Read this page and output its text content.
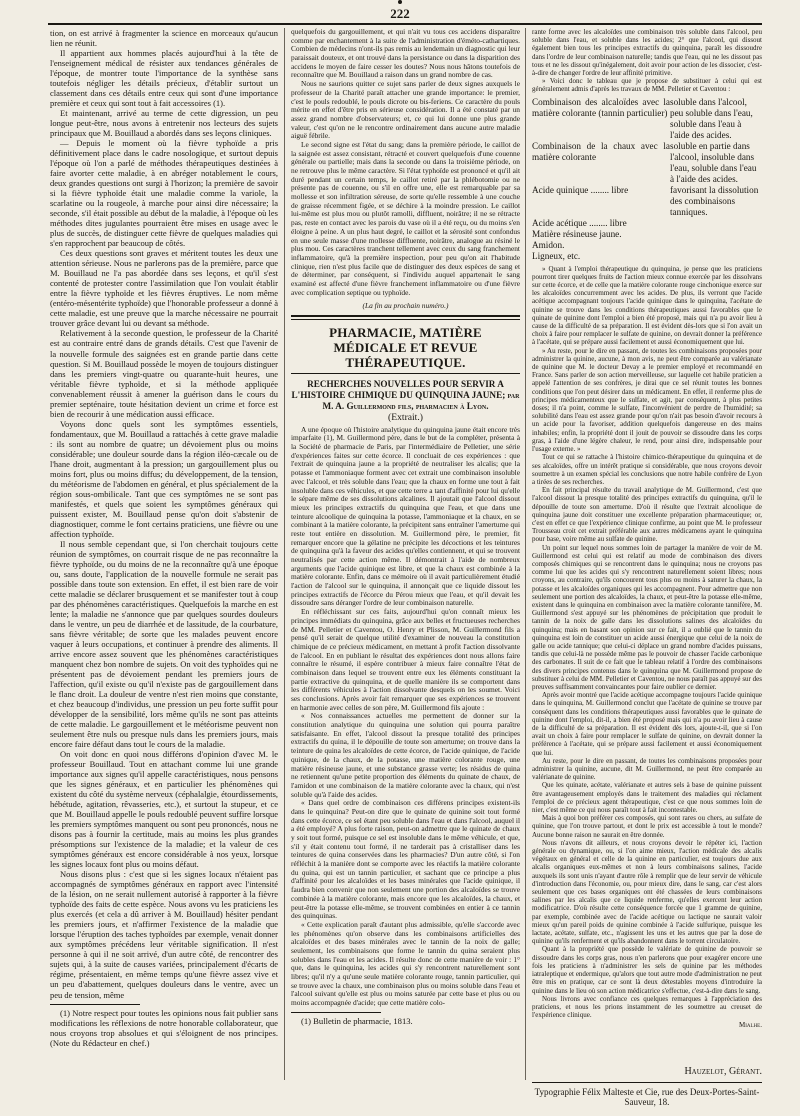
222

tion, on est arrivé à fragmenter la science en morceaux qu'aucun lien ne réunit.

Il appartient aux hommes placés aujourd'hui à la tête de l'enseignement médical de résister aux tendances générales de l'époque, de montrer toute l'importance de la synthèse sans toutefois négliger les détails précieux, d'établir surtout un classement dans ces détails entre ceux qui sont d'une importance première et ceux qui sont tout à fait accessoires (1).

Et maintenant, arrivé au terme de cette digression, un peu longue peut-être, nous avons à entretenir nos lecteurs des sujets principaux que M. Bouillaud a abordés dans ses leçons cliniques.

— Depuis le moment où la fièvre typhoïde a pris définitivement place dans le cadre nosologique, et surtout depuis l'époque où l'on a parlé de méthodes thérapeutiques destinées à faire avorter cette maladie, à en abréger notablement le cours, deux grandes questions ont surgi à l'horizon; la première de savoir si la fièvre typhoïde était une maladie comme la variole, la scarlatine ou la rougeole, à marche pour ainsi dire nécessaire; la seconde, s'il était possible au début de la maladie, à l'époque où les méthodes dites jugulantes pourraient être mises en usage avec le plus de succès, de distinguer cette fièvre de quelques maladies qui s'en rapprochent par beaucoup de côtés.

Ces deux questions sont graves et méritent toutes les deux une attention sérieuse. Nous ne parlerons pas de la première, parce que M. Bouillaud ne l'a pas abordée dans ses leçons, et qu'il s'est contenté de protester contre l'assimilation que l'on voulait établir entre la fièvre typhoïde et les fièvres éruptives. Le nom même (entéro-mésentérite typhoïde) que l'honorable professeur a donné à cette maladie, est une preuve que la marche nécessaire ne pourrait trouver grâce devant lui ou devant sa méthode.

Relativement à la seconde question, le professeur de la Charité est au contraire entré dans de grands détails. C'est que l'avenir de la nouvelle formule des saignées est en grande partie dans cette question. Si M. Bouillaud possède le moyen de toujours distinguer dans les premiers vingt-quatre ou quarante-huit heures, une véritable fièvre typhoïde, et si la méthode appliquée convenablement réussit à amener la guérison dans le cours du premier septénaire, toute hésitation devient un crime et force est bien de recourir à une médication aussi efficace.

Voyons donc quels sont les symptômes essentiels, fondamentaux, que M. Bouillaud a rattachés à cette grave maladie : ils sont au nombre de quatre; un dévoiement plus ou moins considérable; une douleur sourde dans la région iléo-cæcale ou de l'hane droit, augmentant à la pression; un gargouillement plus ou moins fort, plus ou moins diffus; du développement, de la tension, du météorisme de l'abdomen en général, et plus spécialement de la région sous-ombilicale. Tant que ces symptômes ne se sont pas manifestés, et quels que soient les symptômes généraux qui puissent exister, M. Bouillaud pense qu'on doit s'abstenir de diagnostiquer, comme le font certains praticiens, une fièvre ou une affection typhoïde.

Il nous semble cependant que, si l'on cherchait toujours cette réunion de symptômes, on courrait risque de ne pas reconnaître la fièvre typhoïde, ou du moins de ne la reconnaître qu'à une époque ou, sans doute, l'application de la nouvelle formule ne serait pas possible dans toute son extension. En effet, il est bien rare de voir cette maladie se déclarer brusquement et se manifester tout à coup par des phénomènes caractéristiques. Quelquefois la marche en est lente; la maladie ne s'annonce que par quelques sourdes douleurs dans le ventre, un peu de diarrhée et de lassitude, de la courbature, sans fièvre véritable; de sorte que les malades peuvent encore vaquer à leurs occupations, et continuer à prendre des aliments. Il arrive encore assez souvent que les phénomènes caractéristiques manquent chez bon nombre de sujets. On voit des typhoïdes qui ne présentent pas de dévoiement pendant les premiers jours de l'affection, qu'il existe ou qu'il n'existe pas de gargouillement dans le flanc droit. La douleur de ventre n'est rien moins que constante, et chez beaucoup d'individus, une pression un peu forte suffit pour développer de la sensibilité, lors même qu'ils ne sont pas atteints de cette maladie. Le gargouillement et le météorisme peuvent non seulement être nuls ou presque nuls dans les premiers jours, mais encore faire défaut dans tout le cours de la maladie.

On voit donc en quoi nous différons d'opinion d'avec M. le professeur Bouillaud. Tout en attachant comme lui une grande importance aux signes qu'il appelle caractéristiques, nous pensons que les signes généraux, et en particulier les phénomènes qui existent du côté du système nerveux (céphalalgie, étourdissements, hébétude, agitation, rêvasseries, etc.), et surtout la stupeur, et ce que M. Bouillaud appelle le pouls redoublé peuvent suffire lorsque les premiers symptômes manquent ou sont peu prononcés, nous ne disons pas à fournir la certitude, mais au moins les plus grandes présomptions sur l'existence de la maladie; et la valeur de ces symptômes généraux est encore considérable à nos yeux, lorsque les signes locaux font plus ou moins défaut.

Nous disons plus : c'est que si les signes locaux n'étaient pas accompagnés de symptômes généraux en rapport avec l'intensité de la lésion, on ne serait nullement autorisé à rapporter à la fièvre typhoïde des faits de cette espèce. Nous avons vu les praticiens les plus exercés (et cela a dû arriver à M. Bouillaud) hésiter pendant les premiers jours, et n'affirmer l'existence de la maladie que lorsque l'éruption des taches typhoïdes par exemple, venait donner aux symptômes précédens leur véritable signification. Il n'est personne à qui il ne soit arrivé, d'un autre côté, de rencontrer des sujets qui, à la suite de causes variées, principalement d'écarts de régime, présentaient, en même temps qu'une fièvre assez vive et un peu d'abattement, quelques douleurs dans le ventre, avec un peu de tension, même

(1) Notre respect pour toutes les opinions nous fait publier sans modifications les réflexions de notre honorable collaborateur, que nous croyons trop absolues et qui s'éloignent de nos principes. (Note du Rédacteur en chef.)

quelquefois du gargouillement, et qui n'ait vu tous ces accidens disparaître comme par enchantement à la suite de l'administration d'éméto-cathartiques. Combien de médecins n'ont-ils pas remis au lendemain un diagnostic qui leur paraissait douteux, et ont trouvé dans la persistance ou dans la disparition des accidens le moyen de faire cesser les doutes? Nous nous hâtons toutefois de reconnaître que M. Bouillaud a raison dans un grand nombre de cas.

Nous ne saurions quitter ce sujet sans parler de deux signes auxquels le professeur de la Charité paraît attacher une grande importance: le premier, c'est le pouls redoublé, le pouls dicrote ou bis-feriens. Ce caractère du pouls mérite en effet d'être pris en sérieuse considération. Il a été constaté par un assez grand nombre d'observateurs; et, ce qui lui donne une plus grande valeur, c'est qu'on ne le rencontre ordinairement dans aucune autre maladie aiguë fébrile.

Le second signe est l'état du sang; dans la première période, le caillot de la saignée est assez consistant, rétracté et couvert quelquefois d'une couenne générale ou partielle; mais dans la seconde ou dans la troisième période, on ne retrouve plus le même caractère. Si l'état typhoïde est prononcé et qu'il ait duré pendant un certain temps, le caillot retiré par la phlébotomie ou ne présente pas de couenne, ou s'il en offre une, elle est remarquable par sa mollesse et son infiltration séreuse, de sorte qu'elle ressemble à une couche de graisse récemment figée, et se déchire à la moindre pression. Le caillot lui-même est plus mou ou plutôt ramolli, diffluent, noirâtre; il ne se rétracte pas, reste en contact avec les parois du vase où il a été reçu, ou du moins s'en éloigne à peine. A un plus haut degré, le caillot et la sérosité sont confondus en une seule masse d'une mollesse diffluente, noirâtre, analogue au résiné le plus mou. Ces caractères tranchent tellement avec ceux du sang franchement inflammatoire, qu'à la première inspection, pour peu qu'on ait l'habitude clinique, rien n'est plus facile que de distinguer des deux espèces de sang et de déterminer, par conséquent, si l'individu auquel appartenait le sang examiné est affecté d'une fièvre franchement inflammatoire ou d'une fièvre avec complication septique ou typhoïde.

(La fin au prochain numéro.)
PHARMACIE, MATIÈRE MÉDICALE ET REVUE THÉRAPEUTIQUE.
RECHERCHES NOUVELLES POUR SERVIR A L'HISTOIRE CHIMIQUE DU QUINQUINA JAUNE; par M. A. Guillermond fils, pharmacien à Lyon.
(Extrait.)

A une époque où l'histoire analytique du quinquina jaune était encore très imparfaite (1), M. Guillermond père, dans le but de la compléter, présenta à la Société de pharmacie de Paris, par l'intermédiaire de Pelletier, une série d'expériences faites sur cette écorce. Il concluait de ces expériences : que l'extrait de quinquina jaune a la propriété de neutraliser les alcalis; que la potasse et l'ammoniaque forment avec cet extrait une combinaison insoluble avec l'alcool, et très soluble dans l'eau; que la chaux en forme une tout à fait insoluble dans ces véhicules, et que cette terre a tant d'affinité pour lui qu'elle le sépare même de ses dissolutions alcalines. Il ajoutait que l'alcool dissout mieux les principes extractifs du quinquina que l'eau, et que dans une teinture alcoolique de quinquina la potasse, l'ammoniaque et la chaux, en se combinant à la matière colorante, la précipitent sans entraîner l'amertume qui reste tout entière en dissolution. M. Guillermond père, le premier, fit remarquer encore que la gélatine ne précipite les décoctions et les teintures de quinquina qu'à la faveur des acides qu'elles contiennent, et qui se trouvent neutralisés par cette action même. Il démontrait à l'aide de nombreux arguments que l'acide quinique est libre, et que la chaux est combinée à la matière colorante. Enfin, dans ce mémoire où il avait particulièrement étudié l'action de l'alcool sur le quinquina, il annonçait que ce liquide dissout les principes extractifs de l'écorce du Pérou mieux que l'eau, et qu'il devait les dissoudre sans déranger l'ordre de leur combinaison naturelle.

En réfléchissant sur ces faits, aujourd'hui qu'on connaît mieux les principes immédiats du quinquina, grâce aux belles et fructueuses recherches de MM. Pelletier et Caventou, O. Henry et Plisson, M. Guillermond fils a pensé qu'il serait de quelque utilité d'examiner de nouveau la constitution chimique de ce précieux médicament, en mettant à profit l'action dissolvante de l'alcool. En en publiant le résultat des expériences dont nous allons faire connaître le résumé, il espère contribuer à mieux faire connaître l'état de combinaison dans lequel se trouvent entre eux les éléments constituant la partie extractive du quinquina, et de quelle manière ils se comportent dans les différents véhicules à l'action dissolvante desquels on les soumet. Voici ses conclusions. Après avoir fait remarquer que ses expériences se trouvent en harmonie avec celles de son père, M. Guillermond fils ajoute :

« Nos connaissances actuelles me permettent de donner sur la constitution analytique du quinquina une solution qui pourra paraître satisfaisante. En effet, l'alcool dissout la presque totalité des principes extractifs du quina, il le dépouille de toute son amertume; on trouve dans la teinture de quina les alcaloïdes de cette écorce, de l'acide quinique, de l'acide quinique, de la chaux, de la potasse, une matière colorante rouge, une matière résineuse jaune, et une substance grasse verte; les résidus de quina ne retiennent qu'une petite proportion des éléments du quinate de chaux, de l'amidon et une combinaison de la matière colorante avec la chaux, qui n'est soluble qu'à l'aide des acides.

« Dans quel ordre de combinaison ces différens principes existent-ils dans le quinquina? Peut-on dire que le quinate de quinine soit tout formé dans cette écorce, ce sel étant peu soluble dans l'eau et dans l'alcool, auquel il a été employé? A plus forte raison, peut-on admettre que le quinate de chaux y soit tout formé, puisque ce sel est insoluble dans le même véhicule, et que, s'il y était contenu tout formé, il ne tarderait pas à cristalliser dans les teintures de quina conservées dans les pharmacies? D'un autre côté, si l'on réfléchit à la manière dont se comporte avec les réactifs la matière colorante du quina, qui est un tannin particulier, et sachant que ce principe a plus d'affinité pour les alcaloïdes et les bases minérales que l'acide quinique, il faudra bien convenir que non seulement une portion des alcaloïdes se trouve combinée à la matière colorante, mais encore que les alcaloïdes, la chaux, et peut-être la potasse elle-même, se trouvent combinées en entier à ce tannin des quinquinas.

« Cette explication paraît d'autant plus admissible, qu'elle s'accorde avec les phénomènes qu'on observe dans les combinaisons artificielles des alcaloïdes et des bases minérales avec le tannin de la noix de galle; seulement, les combinaisons que forme le tannin du quina seraient plus solubles dans l'eau et les acides. Il résulte donc de cette manière de voir : 1° que, dans le quinquina, les acides qui s'y rencontrent naturellement sont libres; qu'il n'y a qu'une seule matière colorante rouge, tannin particulier, qui se trouve avec la chaux, une combinaison plus ou moins soluble dans l'eau et l'alcool suivant qu'elle est plus ou moins saturée par cette base et plus ou ou moins accompagnée d'acide; que cette matière colo-

(1) Bulletin de pharmacie, 1813.

rante forme avec les alcaloïdes une combinaison très soluble dans l'alcool, peu soluble dans l'eau, et soluble dans les acides; 2° que l'alcool, qui dissout également bien tous les principes extractifs du quinquina, paraît les dissoudre dans l'ordre de leur combinaison naturelle; tandis que l'eau, qui ne les dissout pas tous et ne les dissout qu'inégalement, doit avoir pour action de les dissocier, c'est-à-dire de changer l'ordre de leur affinité primitive.

» Voici donc le tableau que je propose de substituer à celui qui est généralement admis d'après les travaux de MM. Pelletier et Caventou :

Combinaison des alcaloïdes avec la matière colorante (tannin particulier)
soluble dans l'alcool, peu soluble dans l'eau, soluble dans l'eau à l'aide des acides.
Combinaison de la chaux avec la matière colorante
soluble en partie dans l'alcool, insoluble dans l'eau, soluble dans l'eau à l'aide des acides.
Acide quinique ........ libre	favorisant la dissolution des combinaisons tanniques.
Acide acétique ........ libre
Matière résineuse jaune.
Amidon.
Ligneux, etc.

» Quant à l'emploi thérapeutique du quinquina, je pense que les praticiens pourront tirer quelques fruits de l'action mieux connue exercée par les dissolvans sur cette écorce, et de celle que la matière colorante rouge cinchonique exerce sur les alcaloïdes concurremment avec les acides. De plus, ils verront que l'acide acétique accompagnant toujours l'acide quinique dans le quinquina, l'acétate de quinine se trouve dans les conditions thérapeutiques aussi favorables que le quinate de quinine dont l'emploi a bien été proposé, mais qui n'a pu avoir lieu à cause de la difficulté de sa préparation. Il est évident dès-lors que si l'on avait un choix à faire pour remplacer le sulfate de quinine, on devrait donner la préférence à l'acétate, qui se prépare aussi facilement et aussi économiquement que lui.

» Au reste, pour le dire en passant, de toutes les combinaisons proposées pour administrer la quinine, aucune, à mon avis, ne peut être comparée au valérianate de quinine que M. le docteur Devay a le premier employé et recommandé en France. Sans parler de son action merveilleuse, sur laquelle cet habile praticien a appelé l'attention de ses confrères, je dirai que ce sel réunit toutes les bonnes conditions que l'on peut désirer dans un médicament. En effet, il renferme plus de principes médicamenteux que le sulfate, et agit, par conséquent, à plus petites doses; il n'a point, comme le sulfate, l'inconvénient de perdre de l'humidité; sa solubilité dans l'eau est assez grande pour qu'on n'ait pas besoin d'avoir recours à un acide pour la favoriser, addition quelquefois dangereuse en des mains inhabiles; enfin, la propriété dont il jouit de pouvoir se dissoudre dans les corps gras, à l'aide d'une légère chaleur, le rend, pour ainsi dire, indispensable pour l'usage externe. »

Tout ce qui se rattache à l'histoire chimico-thérapeutique du quinquina et de ses alcaloïdes, offre un intérêt pratique si considérable, que nous croyons devoir soumettre à un examen spécial les conclusions que notre habile confrère de Lyon a tirées de ses recherches.

En fait principal résulte du travail analytique de M. Guillermond, c'est que l'alcool dissout la presque totalité des principes extractifs du quinquina, qu'il le dépouille de toute son amertume. D'où il résulte que l'extrait alcoolique de quinquina jaune doit constituer une excellente préparation pharmaceutique; or, c'est en effet ce que l'expérience clinique confirme, au point que M. le professeur Trousseau croit cet extrait préférable aux autres médicamens ayant le quinquina pour base, voire même au sulfate de quinine.

Un point sur lequel nous sommes loin de partager la manière de voir de M. Guillermond est celui qui est relatif au mode de combinaison des divers composés chimiques qui se rencontrent dans le quinquina; nous ne croyons pas comme lui que les acides qui s'y rencontrent naturellement soient libres; nous croyons, au contraire, qu'ils concourent tous plus ou moins à saturer la chaux, la potasse et les alcaloïdes organiques qui les accompagnent. Pour admettre que non seulement une portion des alcaloïdes, la chaux, et peut-être la potasse elle-même, existent dans le quinquina en combinaison avec la matière colorante tannifère, M. Guillermond s'est appuyé sur les phénomènes de précipitation que produit le tannin de la noix de galle dans les dissolutions salines des alcaloïdes du quinquina; mais en basant son opinion sur ce fait, il a oublié que le tannin du quinquina est loin de constituer un acide aussi énergique que celui de la noix de galle ou acide tannique; que celui-ci déplace un grand nombre d'acides puissans, tandis que celui-là ne possède même pas le pouvoir de chasser l'acide carbonique des carbonates. Il suit de ce fait que le tableau relatif à l'ordre des combinaisons des divers principes contenus dans le quinquina que M. Guillermond propose de substituer à celui de MM. Pelletier et Caventou, ne nous paraît pas appuyé sur des preuves suffisamment convaincantes pour faire oublier ce dernier.

Après avoir montré que l'acide acétique accompagne toujours l'acide quinique dans le quinquina, M. Guillermond conclut que l'acétate de quinine se trouve par conséquent dans les conditions thérapeutiques aussi favorables que le quinate de quinine dont l'emploi, dit-il, a bien été proposé mais qui n'a pu avoir lieu à cause de la difficulté de sa préparation. Il est évident dès lors, ajoute-t-il, que si l'on avait un choix à faire pour remplacer le sulfate de quinine, on devrait donner la préférence à l'acétate, qui se prépare aussi facilement et aussi économiquement que lui.

Au reste, pour le dire en passant, de toutes les combinaisons proposées pour administrer la quinine, aucune, dit M. Guillermond, ne peut être comparée au valérianate de quinine.

Que les quinate, acétate, valérianate et autres sels à base de quinine puissent être avantageusement employés dans le traitement des maladies qui réclament l'emploi de ce précieux agent thérapeutique, c'est ce que nous sommes loin de nier, c'est même ce qui nous paraît tout à fait incontestable.

Mais à quoi bon préférer ces composés, qui sont rares ou chers, au sulfate de quinine, que l'on trouve partout, et dont le prix est accessible à tout le monde? Aucune bonne raison ne saurait en être donnée.

Nous n'avons dit ailleurs, et nous croyons devoir le répéter ici, l'action générale ou dynamique, ou, si l'on aime mieux, l'action médicale des alcalis végétaux en général et celle de la quinine en particulier, est toujours due aux alcalis organiques eux-mêmes et non à leurs combinaisons salines, l'acide auxquels ils sont unis n'ayant d'autre rôle à remplir que de leur servir de véhicule d'introduction dans l'économie, ou, pour mieux dire, dans le sang, car c'est alors seulement que ces bases organiques ont été chassées de leurs combinaisons salines par les alcalis que ce liquide renferme, qu'elles exercent leur action modificatrice. D'où résulte cette conséquence forcée que 1 gramme de quinine, par exemple, combinée avec de l'acide acétique ou lactique ne saurait valoir mieux qu'un pareil poids de quinine combinée à l'acide sulfurique, puisque les lactate, acétate, sulfate, etc., n'agissent les uns et les autres que par la dose de quinine qu'ils renferment et qu'ils abandonnent dans le torrent circulatoire.

Quant à la propriété que possède le valériate de quinine de pouvoir se dissoudre dans les corps gras, nous n'en parlerons que pour exagérer encore une fois les praticiens à n'administrer les sels de quinine par les méthodes iatraleptique et endermique, qu'alors que tout autre mode d'administration ne peut être mis en pratique, car ce sont là deux détestables moyens d'introduire la quinine dans le lieu où son action médicatrice s'effectue, c'est-à-dire dans le sang.

Nous livrons avec confiance ces quelques remarques à l'appréciation des praticiens, et nous les prions instamment de les soumettre au creuset de l'expérience clinique.

Mialhe.
Hauzelot, Gérant.
Typographie Félix Malteste et Cie, rue des Deux-Portes-Saint-Sauveur, 18.
